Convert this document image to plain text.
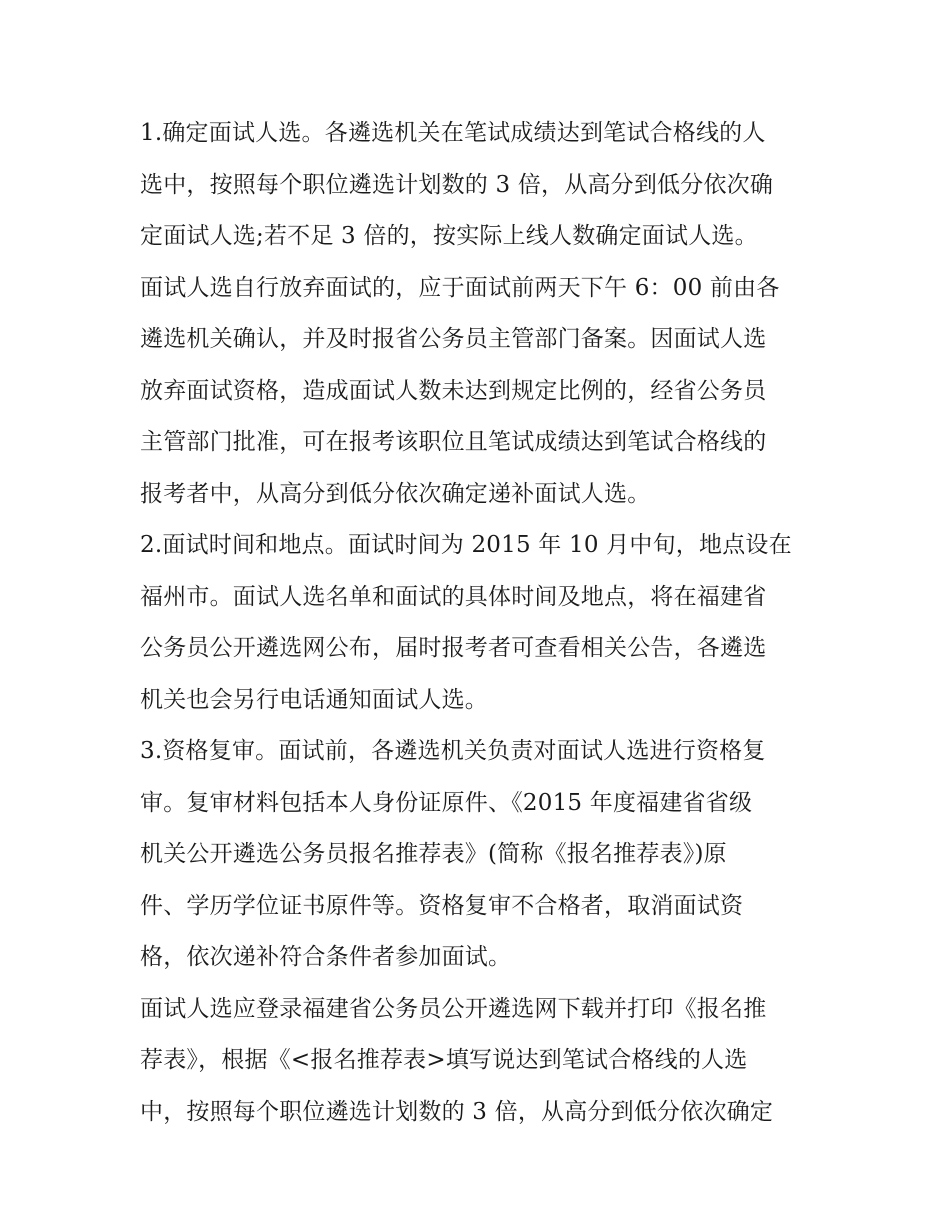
1.确定面试人选。各遴选机关在笔试成绩达到笔试合格线的人
选中，按照每个职位遴选计划数的 3 倍，从高分到低分依次确
定面试人选;若不足 3 倍的，按实际上线人数确定面试人选。
面试人选自行放弃面试的，应于面试前两天下午 6：00 前由各
遴选机关确认，并及时报省公务员主管部门备案。因面试人选
放弃面试资格，造成面试人数未达到规定比例的，经省公务员
主管部门批准，可在报考该职位且笔试成绩达到笔试合格线的
报考者中，从高分到低分依次确定递补面试人选。
2.面试时间和地点。面试时间为 2015 年 10 月中旬，地点设在
福州市。面试人选名单和面试的具体时间及地点，将在福建省
公务员公开遴选网公布，届时报考者可查看相关公告，各遴选
机关也会另行电话通知面试人选。
3.资格复审。面试前，各遴选机关负责对面试人选进行资格复
审。复审材料包括本人身份证原件、《2015 年度福建省省级
机关公开遴选公务员报名推荐表》(简称《报名推荐表》)原
件、学历学位证书原件等。资格复审不合格者，取消面试资
格，依次递补符合条件者参加面试。
面试人选应登录福建省公务员公开遴选网下载并打印《报名推
荐表》，根据《<报名推荐表>填写说达到笔试合格线的人选
中，按照每个职位遴选计划数的 3 倍，从高分到低分依次确定
